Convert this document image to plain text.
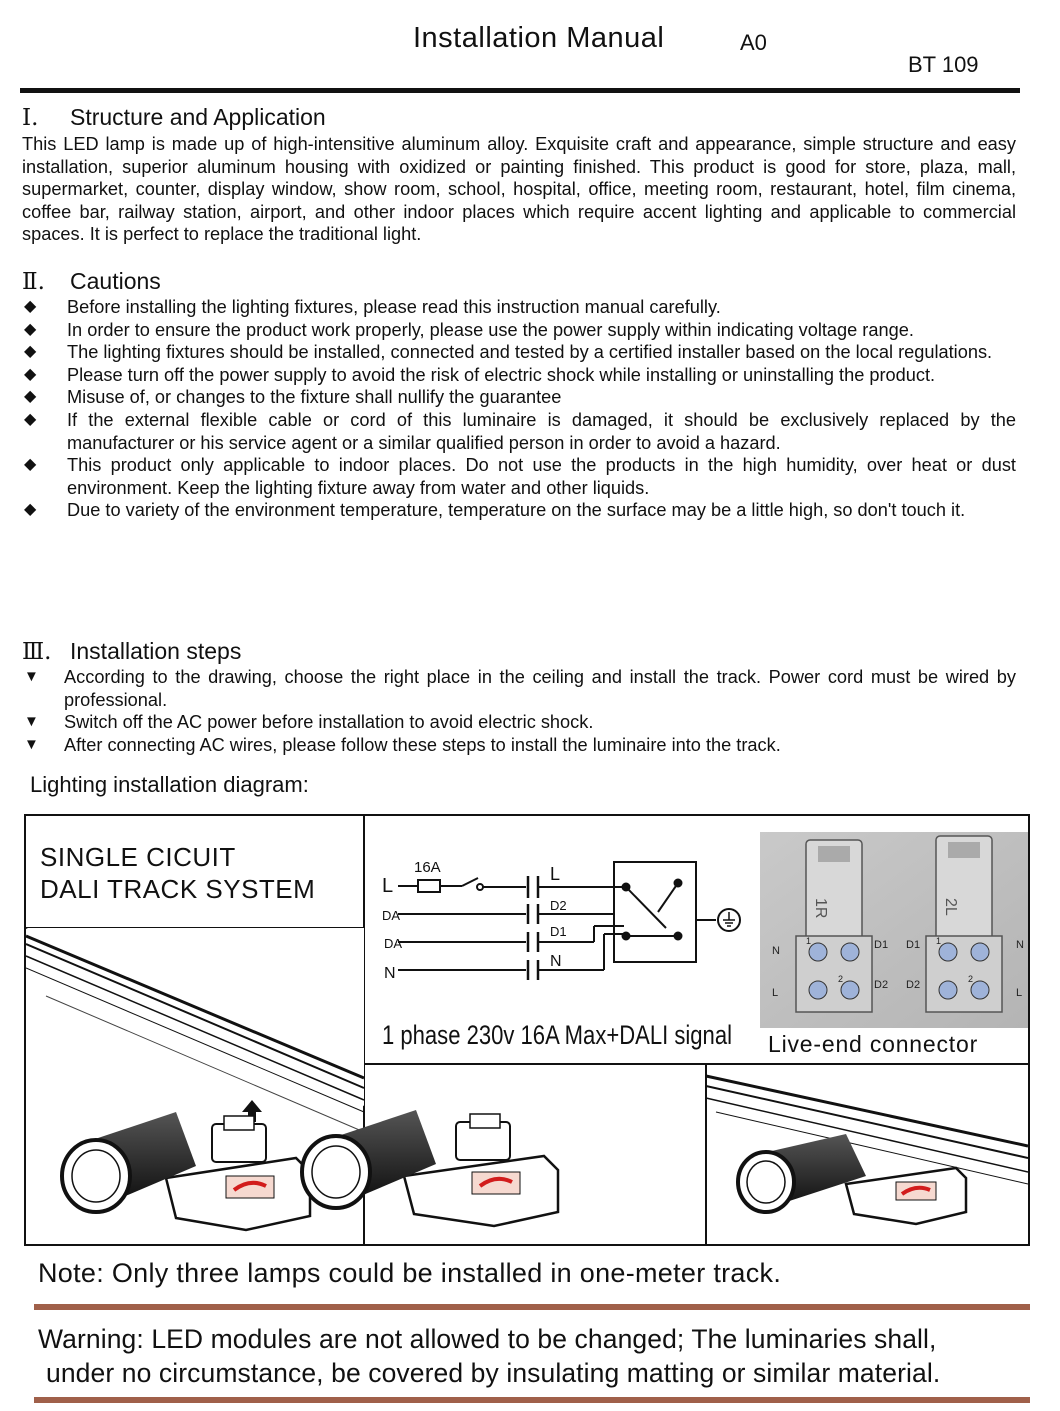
Installation Manual	A0
BT 109
Ⅰ. Structure and Application
This LED lamp is made up of high-intensitive aluminum alloy. Exquisite craft and appearance, simple structure and easy installation, superior aluminum housing with oxidized or painting finished. This product is good for store, plaza, mall, supermarket, counter, display window, show room, school, hospital, office, meeting room, restaurant, hotel, film cinema, coffee bar, railway station, airport, and other indoor places which require accent lighting and applicable to commercial spaces. It is perfect to replace the traditional light.
Ⅱ. Cautions
◆ Before installing the lighting fixtures, please read this instruction manual carefully.
◆ In order to ensure the product work properly, please use the power supply within indicating voltage range.
◆ The lighting fixtures should be installed, connected and tested by a certified installer based on the local regulations.
◆ Please turn off the power supply to avoid the risk of electric shock while installing or uninstalling the product.
◆ Misuse of, or changes to the fixture shall nullify the guarantee
◆ If the external flexible cable or cord of this luminaire is damaged, it should be exclusively replaced by the manufacturer or his service agent or a similar qualified person in order to avoid a hazard.
◆ This product only applicable to indoor places. Do not use the products in the high humidity, over heat or dust environment. Keep the lighting fixture away from water and other liquids.
◆ Due to variety of the environment temperature, temperature on the surface may be a little high, so don't touch it.
Ⅲ. Installation steps
▼ According to the drawing, choose the right place in the ceiling and install the track. Power cord must be wired by professional.
▼ Switch off the AC power before installation to avoid electric shock.
▼ After connecting AC wires, please follow these steps to install the luminaire into the track.
Lighting installation diagram:
SINGLE CICUIT
DALI TRACK SYSTEM
16A
L
DA
DA
N
L
D2
D1
N
1 phase 230v 16A Max+DALI signal
1R
1
2
N	D1
L
D2
2L
1
2
D1	N
D2
L
Live-end connector
Note: Only three lamps could be installed in one-meter track.
Warning: LED modules are not allowed to be changed; The luminaries shall,
under no circumstance, be covered by insulating matting or similar material.
